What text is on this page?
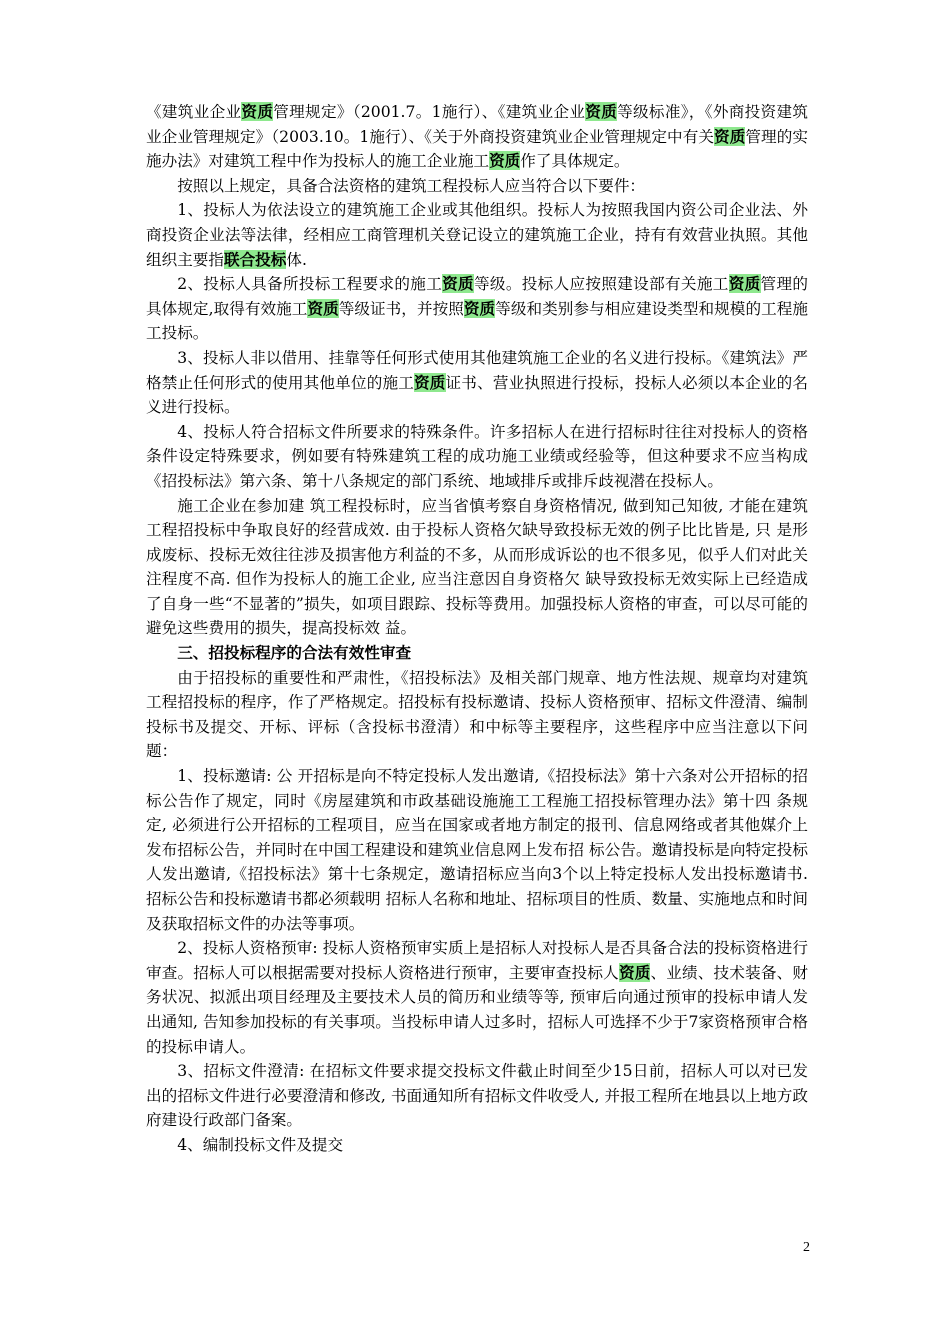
《建筑业企业资质管理规定》（2001.7。1施行）、《建筑业企业资质等级标准》，《外商投资建筑业企业管理规定》（2003.10。1施行）、《关于外商投资建筑业企业管理规定中有关资质管理的实施办法》对建筑工程中作为投标人的施工企业施工资质作了具体规定。

按照以上规定，具备合法资格的建筑工程投标人应当符合以下要件：

1、投标人为依法设立的建筑施工企业或其他组织。投标人为按照我国内资公司企业法、外商投资企业法等法律，经相应工商管理机关登记设立的建筑施工企业，持有有效营业执照。其他组织主要指联合投标体.

2、投标人具备所投标工程要求的施工资质等级。投标人应按照建设部有关施工资质管理的具体规定,取得有效施工资质等级证书，并按照资质等级和类别参与相应建设类型和规模的工程施工投标。

3、投标人非以借用、挂靠等任何形式使用其他建筑施工企业的名义进行投标。《建筑法》严格禁止任何形式的使用其他单位的施工资质证书、营业执照进行投标，投标人必须以本企业的名义进行投标。

4、投标人符合招标文件所要求的特殊条件。许多招标人在进行招标时往往对投标人的资格条件设定特殊要求，例如要有特殊建筑工程的成功施工业绩或经验等，但这种要求不应当构成《招投标法》第六条、第十八条规定的部门系统、地域排斥或排斥歧视潜在投标人。

施工企业在参加建 筑工程投标时，应当省慎考察自身资格情况, 做到知己知彼, 才能在建筑工程招投标中争取良好的经营成效. 由于投标人资格欠缺导致投标无效的例子比比皆是, 只 是形成废标、投标无效往往涉及损害他方利益的不多，从而形成诉讼的也不很多见，似乎人们对此关注程度不高. 但作为投标人的施工企业, 应当注意因自身资格欠 缺导致投标无效实际上已经造成了自身一些“不显著的”损失，如项目跟踪、投标等费用。加强投标人资格的审查，可以尽可能的避免这些费用的损失，提高投标效 益。

三、招投标程序的合法有效性审查

由于招投标的重要性和严肃性，《招投标法》及相关部门规章、地方性法规、规章均对建筑工程招投标的程序，作了严格规定。招投标有投标邀请、投标人资格预审、招标文件澄清、编制投标书及提交、开标、评标（含投标书澄清）和中标等主要程序，这些程序中应当注意以下问题：

1、投标邀请: 公 开招标是向不特定投标人发出邀请,《招投标法》第十六条对公开招标的招标公告作了规定，同时《房屋建筑和市政基础设施施工工程施工招投标管理办法》第十四 条规定, 必须进行公开招标的工程项目，应当在国家或者地方制定的报刊、信息网络或者其他媒介上发布招标公告，并同时在中国工程建设和建筑业信息网上发布招 标公告。邀请投标是向特定投标人发出邀请,《招投标法》第十七条规定，邀请招标应当向3个以上特定投标人发出投标邀请书. 招标公告和投标邀请书都必须载明 招标人名称和地址、招标项目的性质、数量、实施地点和时间及获取招标文件的办法等事项。

2、投标人资格预审: 投标人资格预审实质上是招标人对投标人是否具备合法的投标资格进行审查。招标人可以根据需要对投标人资格进行预审，主要审查投标人资质、业绩、技术装备、财务状况、拟派出项目经理及主要技术人员的简历和业绩等等, 预审后向通过预审的投标申请人发出通知, 告知参加投标的有关事项。当投标申请人过多时，招标人可选择不少于7家资格预审合格的投标申请人。

3、招标文件澄清: 在招标文件要求提交投标文件截止时间至少15日前，招标人可以对已发出的招标文件进行必要澄清和修改, 书面通知所有招标文件收受人, 并报工程所在地县以上地方政府建设行政部门备案。

4、编制投标文件及提交

2
